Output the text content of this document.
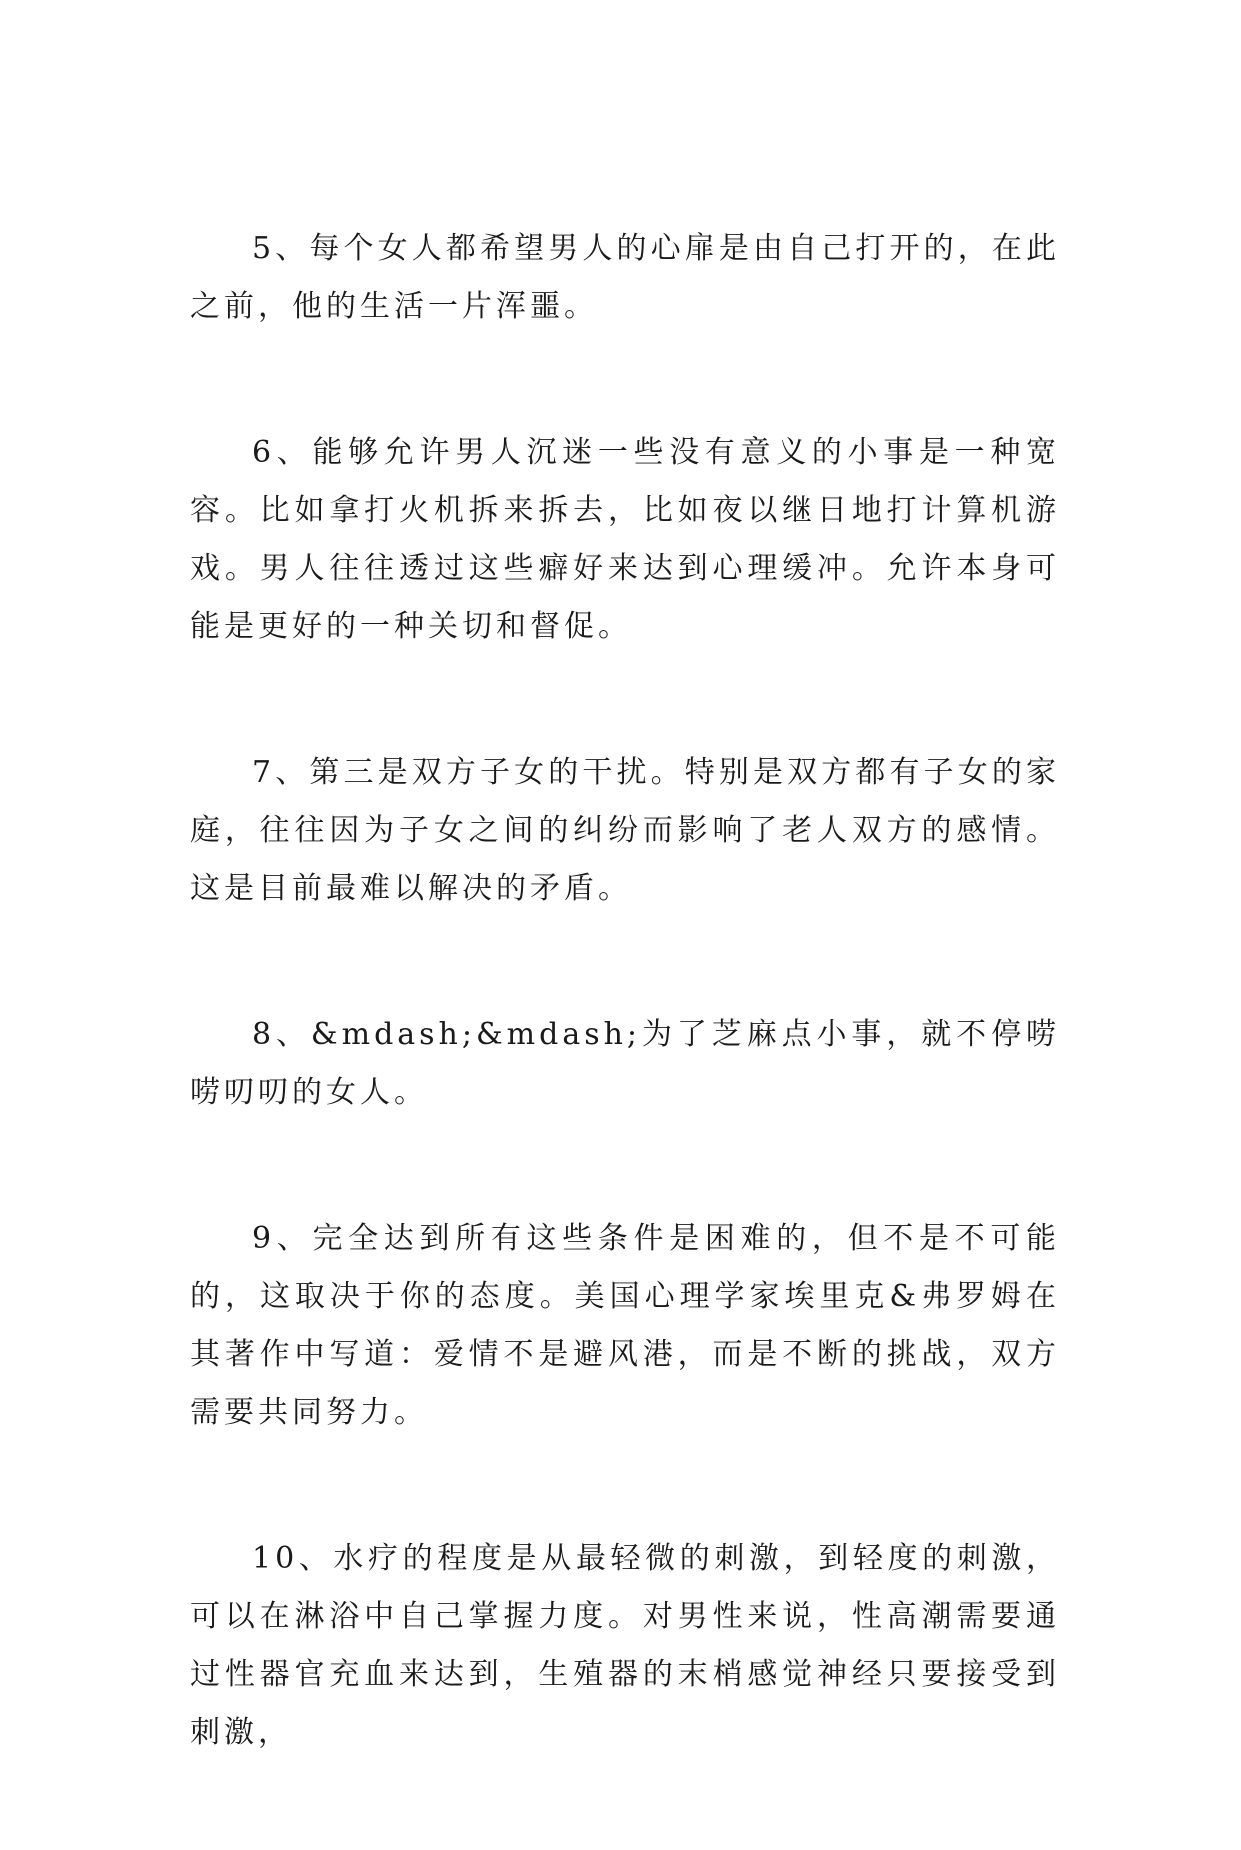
5、每个女人都希望男人的心扉是由自己打开的，在此之前，他的生活一片浑噩。

6、能够允许男人沉迷一些没有意义的小事是一种宽容。比如拿打火机拆来拆去，比如夜以继日地打计算机游戏。男人往往透过这些癖好来达到心理缓冲。允许本身可能是更好的一种关切和督促。

7、第三是双方子女的干扰。特别是双方都有子女的家庭，往往因为子女之间的纠纷而影响了老人双方的感情。这是目前最难以解决的矛盾。

8、&mdash;&mdash;为了芝麻点小事，就不停唠唠叨叨的女人。

9、完全达到所有这些条件是困难的，但不是不可能的，这取决于你的态度。美国心理学家埃里克&弗罗姆在其著作中写道：爱情不是避风港，而是不断的挑战，双方需要共同努力。

10、水疗的程度是从最轻微的刺激，到轻度的刺激，可以在淋浴中自己掌握力度。对男性来说，性高潮需要通过性器官充血来达到，生殖器的末梢感觉神经只要接受到刺激，
